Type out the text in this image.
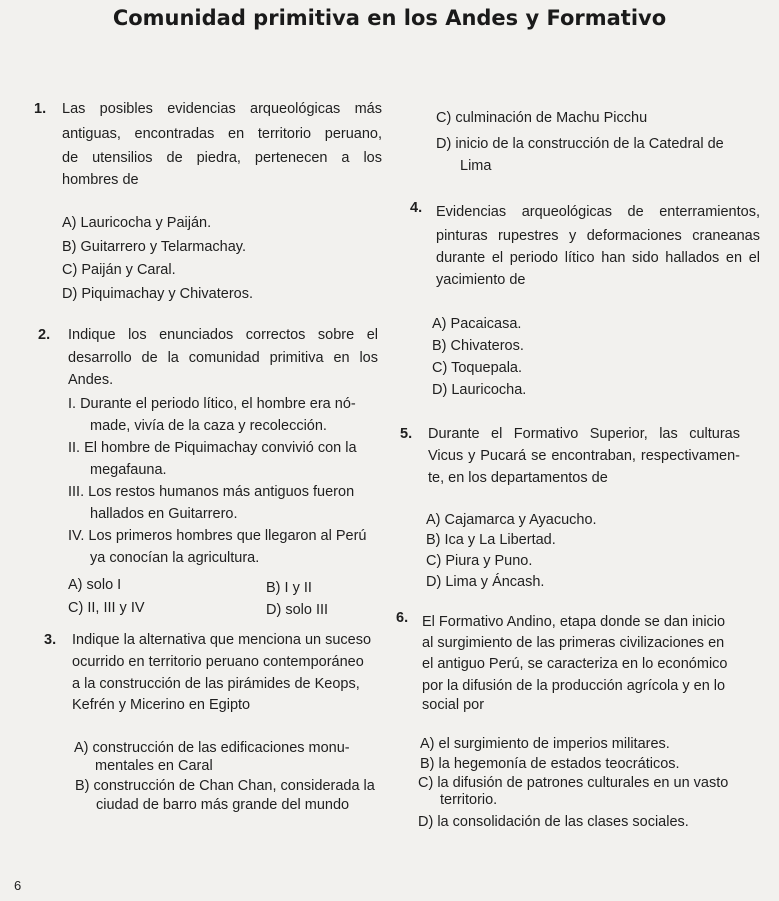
Comunidad primitiva en los Andes y Formativo
1. Las posibles evidencias arqueológicas más
antiguas, encontradas en territorio peruano,
de utensilios de piedra, pertenecen a los
hombres de
A) Lauricocha y Paiján.
B) Guitarrero y Telarmachay.
C) Paiján y Caral.
D) Piquimachay y Chivateros.
2. Indique los enunciados correctos sobre el
desarrollo de la comunidad primitiva en los
Andes.
I. Durante el periodo lítico, el hombre era nó-
made, vivía de la caza y recolección.
II. El hombre de Piquimachay convivió con la
megafauna.
III. Los restos humanos más antiguos fueron
hallados en Guitarrero.
IV. Los primeros hombres que llegaron al Perú
ya conocían la agricultura.
A) solo I	B) I y II
C) II, III y IV	D) solo III
3. Indique la alternativa que menciona un suceso
ocurrido en territorio peruano contemporáneo
a la construcción de las pirámides de Keops,
Kefrén y Micerino en Egipto
A) construcción de las edificaciones monu-
mentales en Caral
B) construcción de Chan Chan, considerada la
ciudad de barro más grande del mundo
C) culminación de Machu Picchu
D) inicio de la construcción de la Catedral de
Lima
4. Evidencias arqueológicas de enterramientos,
pinturas rupestres y deformaciones craneanas
durante el periodo lítico han sido hallados en el
yacimiento de
A) Pacaicasa.
B) Chivateros.
C) Toquepala.
D) Lauricocha.
5. Durante el Formativo Superior, las culturas
Vicus y Pucará se encontraban, respectivamen-
te, en los departamentos de
A) Cajamarca y Ayacucho.
B) Ica y La Libertad.
C) Piura y Puno.
D) Lima y Áncash.
6. El Formativo Andino, etapa donde se dan inicio
al surgimiento de las primeras civilizaciones en
el antiguo Perú, se caracteriza en lo económico
por la difusión de la producción agrícola y en lo
social por
A) el surgimiento de imperios militares.
B) la hegemonía de estados teocráticos.
C) la difusión de patrones culturales en un vasto
territorio.
D) la consolidación de las clases sociales.
6
